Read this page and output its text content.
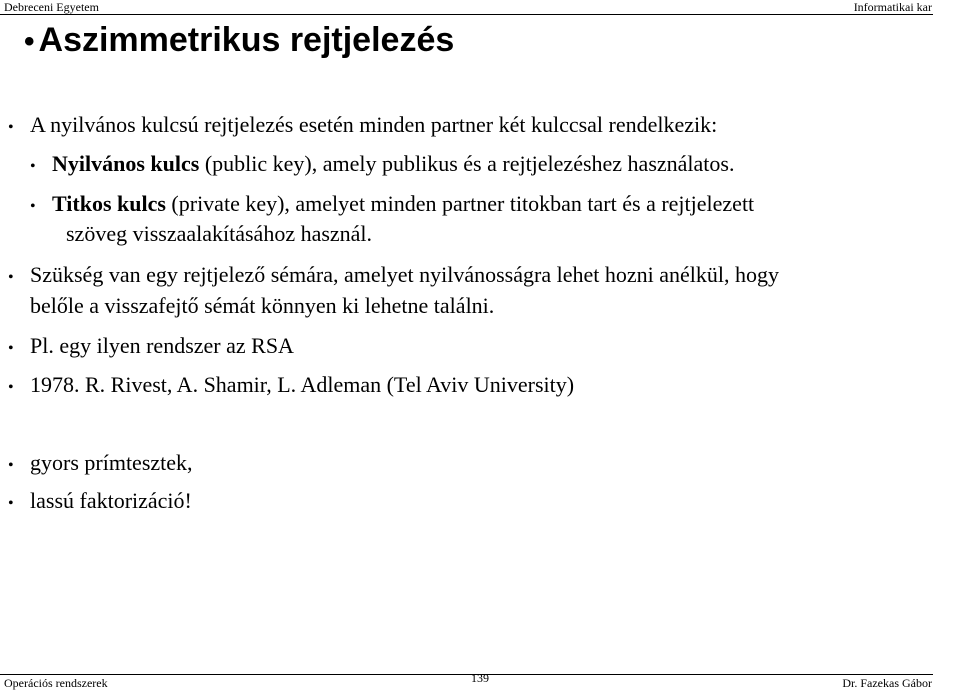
Debreceni Egyetem	Informatikai kar
• Aszimmetrikus rejtjelezés
• A nyilvános kulcsú rejtjelezés esetén minden partner két kulccsal rendelkezik:
• Nyilvános kulcs (public key), amely publikus és a rejtjelezéshez használatos.
• Titkos kulcs (private key), amelyet minden partner titokban tart és a rejtjelezett
szöveg visszaalakításához használ.
• Szükség van egy rejtjelező sémára, amelyet nyilvánosságra lehet hozni anélkül, hogy
belőle a visszafejtő sémát könnyen ki lehetne találni.
• Pl. egy ilyen rendszer az RSA
• 1978. R. Rivest, A. Shamir, L. Adleman (Tel Aviv University)
• gyors prímtesztek,
• lassú faktorizáció!
Operációs rendszerek	139	Dr. Fazekas Gábor
